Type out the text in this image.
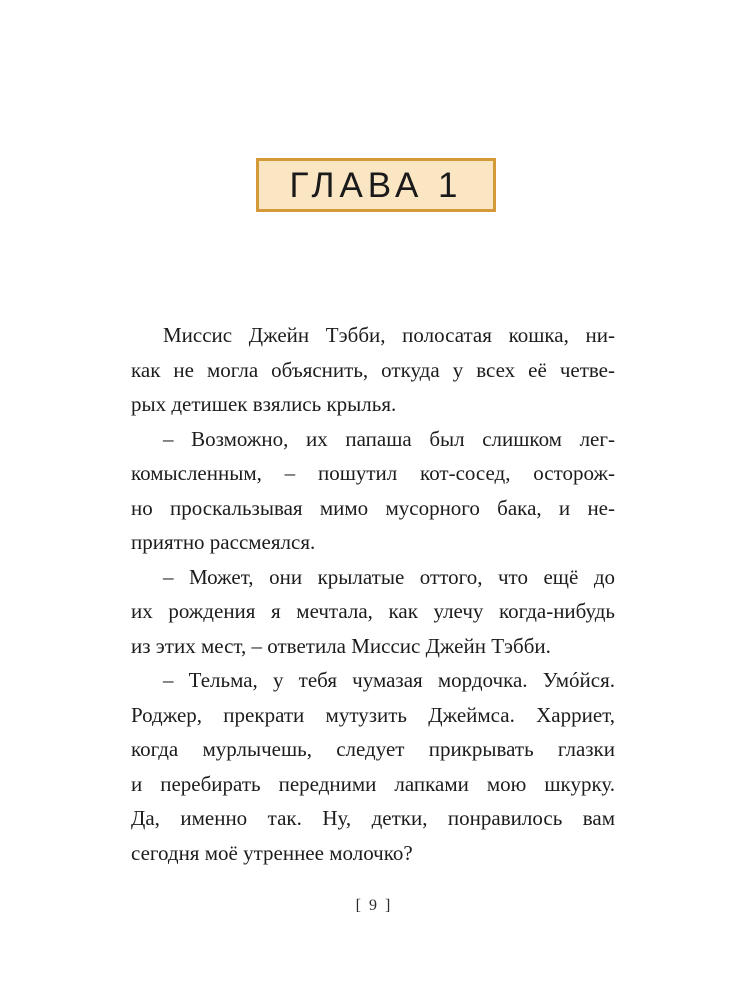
ГЛАВА 1
Миссис Джейн Тэбби, полосатая кошка, ни-
как не могла объяснить, откуда у всех её четве-
рых детишек взялись крылья.
– Возможно, их папаша был слишком лег-
комысленным, – пошутил кот-сосед, осторож-
но проскальзывая мимо мусорного бака, и не-
приятно рассмеялся.
– Может, они крылатые оттого, что ещё до
их рождения я мечтала, как улечу когда-нибудь
из этих мест, – ответила Миссис Джейн Тэбби.
– Тельма, у тебя чумазая мордочка. Умóйся.
Роджер, прекрати мутузить Джеймса. Харриет,
когда мурлычешь, следует прикрывать глазки
и перебирать передними лапками мою шкурку.
Да, именно так. Ну, детки, понравилось вам
сегодня моё утреннее молочко?
[ 9 ]
